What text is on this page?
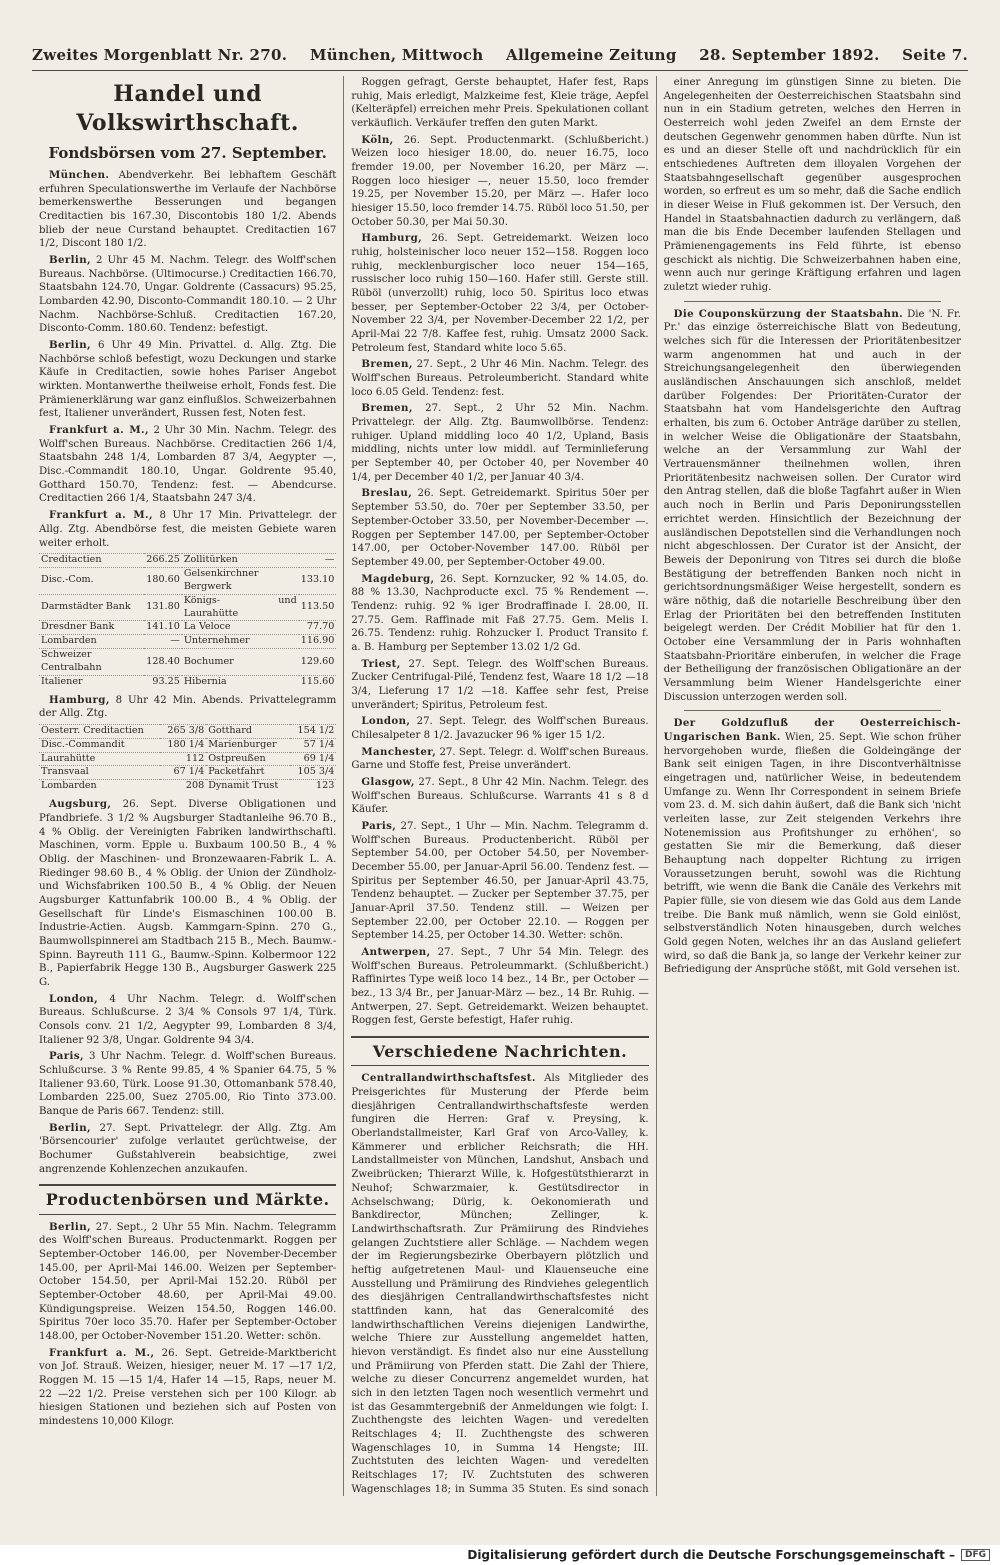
Zweites Morgenblatt Nr. 270. München, Mittwoch Allgemeine Zeitung 28. September 1892. Seite 7.
Handel und Volkswirthschaft.
Fondsbörsen vom 27. September.

München. Abendverkehr. Bei lebhaftem Geschäft erfuhren Speculationswerthe im Verlaufe der Nachbörse bemerkenswerthe Besserungen und begangen Creditactien bis 167.30, Discontobis 180 1/2. Abends blieb der neue Curstand behauptet. Creditactien 167 1/2, Discont 180 1/2.

Berlin, 2 Uhr 45 M. Nachm. Telegr. des Wolff'schen Bureaus. Nachbörse. (Ultimocurse.) Creditactien 166.70, Staatsbahn 124.70, Ungar. Goldrente (Cassacurs) 95.25, Lombarden 42.90, Disconto-Commandit 180.10. — 2 Uhr Nachm. Nachbörse-Schluß. Creditactien 167.20, Disconto-Comm. 180.60. Tendenz: befestigt.

Berlin, 6 Uhr 49 Min. Privattel. d. Allg. Ztg. Die Nachbörse schloß befestigt, wozu Deckungen und starke Käufe in Creditactien, sowie hohes Pariser Angebot wirkten. Montanwerthe theilweise erholt, Fonds fest. Die Prämienerklärung war ganz einflußlos. Schweizerbahnen fest, Italiener unverändert, Russen fest, Noten fest.

Frankfurt a. M., 2 Uhr 30 Min. Nachm. Telegr. des Wolff'schen Bureaus. Nachbörse. Creditactien 266 1/4, Staatsbahn 248 1/4, Lombarden 87 3/4, Aegypter —, Disc.-Commandit 180.10, Ungar. Goldrente 95.40, Gotthard 150.70, Tendenz: fest. — Abendcurse. Creditactien 266 1/4, Staatsbahn 247 3/4.

Frankfurt a. M., 8 Uhr 17 Min. Privattelegr. der Allg. Ztg. Abendbörse fest, die meisten Gebiete waren weiter erholt.

Creditactien	266.25	Zollitürken	—
Disc.-Com.	180.60	Gelsenkirchner Bergwerk	133.10
Darmstädter Bank	131.80	Königs- und Laurahütte	113.50
Dresdner Bank	141.10	La Veloce	77.70
Lombarden	—	Unternehmer	116.90
Schweizer Centralbahn	128.40	Bochumer	129.60
Italiener	93.25	Hibernia	115.60

Hamburg, 8 Uhr 42 Min. Abends. Privattelegramm der Allg. Ztg.

Oesterr. Creditactien	265 3/8	Gotthard	154 1/2
Disc.-Commandit	180 1/4	Marienburger	57 1/4
Laurahütte	112	Ostpreußen	69 1/4
Transvaal	67 1/4	Packetfahrt	105 3/4
Lombarden	208	Dynamit Trust	123

Augsburg, 26. Sept. Diverse Obligationen und Pfandbriefe. 3 1/2 % Augsburger Stadtanleihe 96.70 B., 4 % Oblig. der Vereinigten Fabriken landwirthschaftl. Maschinen, vorm. Epple u. Buxbaum 100.50 B., 4 % Oblig. der Maschinen- und Bronzewaaren-Fabrik L. A. Riedinger 98.60 B., 4 % Oblig. der Union der Zündholz- und Wichsfabriken 100.50 B., 4 % Oblig. der Neuen Augsburger Kattunfabrik 100.00 B., 4 % Oblig. der Gesellschaft für Linde's Eismaschinen 100.00 B. Industrie-Actien. Augsb. Kammgarn-Spinn. 270 G., Baumwollspinnerei am Stadtbach 215 B., Mech. Baumw.-Spinn. Bayreuth 111 G., Baumw.-Spinn. Kolbermoor 122 B., Papierfabrik Hegge 130 B., Augsburger Gaswerk 225 G.

London, 4 Uhr Nachm. Telegr. d. Wolff'schen Bureaus. Schlußcurse. 2 3/4 % Consols 97 1/4, Türk. Consols conv. 21 1/2, Aegypter 99, Lombarden 8 3/4, Italiener 92 3/8, Ungar. Goldrente 94 3/4.

Paris, 3 Uhr Nachm. Telegr. d. Wolff'schen Bureaus. Schlußcurse. 3 % Rente 99.85, 4 % Spanier 64.75, 5 % Italiener 93.60, Türk. Loose 91.30, Ottomanbank 578.40, Lombarden 225.00, Suez 2705.00, Rio Tinto 373.00. Banque de Paris 667. Tendenz: still.

Berlin, 27. Sept. Privattelegr. der Allg. Ztg. Am 'Börsencourier' zufolge verlautet gerüchtweise, der Bochumer Gußstahlverein beabsichtige, zwei angrenzende Kohlenzechen anzukaufen.

Productenbörsen und Märkte.

Berlin, 27. Sept., 2 Uhr 55 Min. Nachm. Telegramm des Wolff'schen Bureaus. Productenmarkt. Roggen per September-October 146.00, per November-December 145.00, per April-Mai 146.00. Weizen per September-October 154.50, per April-Mai 152.20. Rüböl per September-October 48.60, per April-Mai 49.00. Kündigungspreise. Weizen 154.50, Roggen 146.00. Spiritus 70er loco 35.70. Hafer per September-October 148.00, per October-November 151.20. Wetter: schön.

Frankfurt a. M., 26. Sept. Getreide-Marktbericht von Jof. Strauß. Weizen, hiesiger, neuer M. 17 —17 1/2, Roggen M. 15 —15 1/4, Hafer 14 —15, Raps, neuer M. 22 —22 1/2. Preise verstehen sich per 100 Kilogr. ab hiesigen Stationen und beziehen sich auf Posten von mindestens 10,000 Kilogr.

Roggen gefragt, Gerste behauptet, Hafer fest, Raps ruhig, Mais erledigt, Malzkeime fest, Kleie träge, Aepfel (Kelteräpfel) erreichen mehr Preis. Spekulationen collant verkäuflich. Verkäufer treffen den guten Markt.

Köln, 26. Sept. Productenmarkt. (Schlußbericht.) Weizen loco hiesiger 18.00, do. neuer 16.75, loco fremder 19.00, per November 16.20, per März —. Roggen loco hiesiger —, neuer 15.50, loco fremder 19.25, per November 15.20, per März —. Hafer loco hiesiger 15.50, loco fremder 14.75. Rüböl loco 51.50, per October 50.30, per Mai 50.30.

Hamburg, 26. Sept. Getreidemarkt. Weizen loco ruhig, holsteinischer loco neuer 152—158. Roggen loco ruhig, mecklenburgischer loco neuer 154—165, russischer loco ruhig 150—160. Hafer still. Gerste still. Rüböl (unverzollt) ruhig, loco 50. Spiritus loco etwas besser, per September-October 22 3/4, per October-November 22 3/4, per November-December 22 1/2, per April-Mai 22 7/8. Kaffee fest, ruhig. Umsatz 2000 Sack. Petroleum fest, Standard white loco 5.65.

Bremen, 27. Sept., 2 Uhr 46 Min. Nachm. Telegr. des Wolff'schen Bureaus. Petroleumbericht. Standard white loco 6.05 Geld. Tendenz: fest.

Bremen, 27. Sept., 2 Uhr 52 Min. Nachm. Privattelegr. der Allg. Ztg. Baumwollbörse. Tendenz: ruhiger. Upland middling loco 40 1/2, Upland, Basis middling, nichts unter low middl. auf Terminlieferung per September 40, per October 40, per November 40 1/4, per December 40 1/2, per Januar 40 3/4.

Breslau, 26. Sept. Getreidemarkt. Spiritus 50er per September 53.50, do. 70er per September 33.50, per September-October 33.50, per November-December —. Roggen per September 147.00, per September-October 147.00, per October-November 147.00. Rüböl per September 49.00, per September-October 49.00.

Magdeburg, 26. Sept. Kornzucker, 92 % 14.05, do. 88 % 13.30, Nachproducte excl. 75 % Rendement —. Tendenz: ruhig. 92 % iger Brodraffinade I. 28.00, II. 27.75. Gem. Raffinade mit Faß 27.75. Gem. Melis I. 26.75. Tendenz: ruhig. Rohzucker I. Product Transito f. a. B. Hamburg per September 13.02 1/2 Gd.

Triest, 27. Sept. Telegr. des Wolff'schen Bureaus. Zucker Centrifugal-Pilé, Tendenz fest, Waare 18 1/2 —18 3/4, Lieferung 17 1/2 —18. Kaffee sehr fest, Preise unverändert; Spiritus, Petroleum fest.

London, 27. Sept. Telegr. des Wolff'schen Bureaus. Chilesalpeter 8 1/2. Javazucker 96 % iger 15 1/2.

Manchester, 27. Sept. Telegr. d. Wolff'schen Bureaus. Garne und Stoffe fest, Preise unverändert.

Glasgow, 27. Sept., 8 Uhr 42 Min. Nachm. Telegr. des Wolff'schen Bureaus. Schlußcurse. Warrants 41 s 8 d Käufer.

Paris, 27. Sept., 1 Uhr — Min. Nachm. Telegramm d. Wolff'schen Bureaus. Productenbericht. Rüböl per September 54.00, per October 54.50, per November-December 55.00, per Januar-April 56.00. Tendenz fest. — Spiritus per September 46.50, per Januar-April 43.75, Tendenz behauptet. — Zucker per September 37.75, per Januar-April 37.50. Tendenz still. — Weizen per September 22.00, per October 22.10. — Roggen per September 14.25, per October 14.30. Wetter: schön.

Antwerpen, 27. Sept., 7 Uhr 54 Min. Telegr. des Wolff'schen Bureaus. Petroleummarkt. (Schlußbericht.) Raffinirtes Type weiß loco 14 bez., 14 Br., per October — bez., 13 3/4 Br., per Januar-März — bez., 14 Br. Ruhig. — Antwerpen, 27. Sept. Getreidemarkt. Weizen behauptet. Roggen fest, Gerste befestigt, Hafer ruhig.

Verschiedene Nachrichten.

Centrallandwirthschaftsfest. Als Mitglieder des Preisgerichtes für Musterung der Pferde beim diesjährigen Centrallandwirthschaftsfeste werden fungiren die Herren: Graf v. Preysing, k. Oberlandstallmeister, Karl Graf von Arco-Valley, k. Kämmerer und erblicher Reichsrath; die HH. Landstallmeister von München, Landshut, Ansbach und Zweibrücken; Thierarzt Wille, k. Hofgestütsthierarzt in Neuhof; Schwarzmaier, k. Gestütsdirector in Achselschwang; Dürig, k. Oekonomierath und Bankdirector, München; Zellinger, k. Landwirthschaftsrath. Zur Prämiirung des Rindviehes gelangen Zuchtstiere aller Schläge. — Nachdem wegen der im Regierungsbezirke Oberbayern plötzlich und heftig aufgetretenen Maul- und Klauenseuche eine Ausstellung und Prämiirung des Rindviehes gelegentlich des diesjährigen Centrallandwirthschaftsfestes nicht stattfinden kann, hat das Generalcomité des landwirthschaftlichen Vereins diejenigen Landwirthe, welche Thiere zur Ausstellung angemeldet hatten, hievon verständigt. Es findet also nur eine Ausstellung und Prämiirung von Pferden statt. Die Zahl der Thiere, welche zu dieser Concurrenz angemeldet wurden, hat sich in den letzten Tagen noch wesentlich vermehrt und ist das Gesammtergebniß der Anmeldungen wie folgt: I. Zuchthengste des leichten Wagen- und veredelten Reitschlages 4; II. Zuchthengste des schweren Wagenschlages 10, in Summa 14 Hengste; III. Zuchtstuten des leichten Wagen- und veredelten Reitschlages 17; IV. Zuchtstuten des schweren Wagenschlages 18; in Summa 35 Stuten. Es sind sonach

einer Anregung im günstigen Sinne zu bieten. Die Angelegenheiten der Oesterreichischen Staatsbahn sind nun in ein Stadium getreten, welches den Herren in Oesterreich wohl jeden Zweifel an dem Ernste der deutschen Gegenwehr genommen haben dürfte. Nun ist es und an dieser Stelle oft und nachdrücklich für ein entschiedenes Auftreten dem illoyalen Vorgehen der Staatsbahngesellschaft gegenüber ausgesprochen worden, so erfreut es um so mehr, daß die Sache endlich in dieser Weise in Fluß gekommen ist. Der Versuch, den Handel in Staatsbahnactien dadurch zu verlängern, daß man die bis Ende December laufenden Stellagen und Prämienengagements ins Feld führte, ist ebenso geschickt als nichtig. Die Schweizerbahnen haben eine, wenn auch nur geringe Kräftigung erfahren und lagen zuletzt wieder ruhig.

Die Couponskürzung der Staatsbahn. Die 'N. Fr. Pr.' das einzige österreichische Blatt von Bedeutung, welches sich für die Interessen der Prioritätenbesitzer warm angenommen hat und auch in der Streichungsangelegenheit den überwiegenden ausländischen Anschauungen sich anschloß, meldet darüber Folgendes: Der Prioritäten-Curator der Staatsbahn hat vom Handelsgerichte den Auftrag erhalten, bis zum 6. October Anträge darüber zu stellen, in welcher Weise die Obligationäre der Staatsbahn, welche an der Versammlung zur Wahl der Vertrauensmänner theilnehmen wollen, ihren Prioritätenbesitz nachweisen sollen. Der Curator wird den Antrag stellen, daß die bloße Tagfahrt außer in Wien auch noch in Berlin und Paris Deponirungsstellen errichtet werden. Hinsichtlich der Bezeichnung der ausländischen Depotstellen sind die Verhandlungen noch nicht abgeschlossen. Der Curator ist der Ansicht, der Beweis der Deponirung von Titres sei durch die bloße Bestätigung der betreffenden Banken noch nicht in gerichtsordnungsmäßiger Weise hergestellt, sondern es wäre nöthig, daß die notarielle Beschreibung über den Erlag der Prioritäten bei den betreffenden Instituten beigelegt werden. Der Crédit Mobilier hat für den 1. October eine Versammlung der in Paris wohnhaften Staatsbahn-Prioritäre einberufen, in welcher die Frage der Betheiligung der französischen Obligationäre an der Versammlung beim Wiener Handelsgerichte einer Discussion unterzogen werden soll.

Der Goldzufluß der Oesterreichisch-Ungarischen Bank. Wien, 25. Sept. Wie schon früher hervorgehoben wurde, fließen die Goldeingänge der Bank seit einigen Tagen, in ihre Discontverhältnisse eingetragen und, natürlicher Weise, in bedeutendem Umfange zu. Wenn Ihr Correspondent in seinem Briefe vom 23. d. M. sich dahin äußert, daß die Bank sich 'nicht verleiten lasse, zur Zeit steigenden Verkehrs ihre Notenemission aus Profitshunger zu erhöhen', so gestatten Sie mir die Bemerkung, daß dieser Behauptung nach doppelter Richtung zu irrigen Voraussetzungen beruht, sowohl was die Richtung betrifft, wie wenn die Bank die Canäle des Verkehrs mit Papier fülle, sie von diesem wie das Gold aus dem Lande treibe. Die Bank muß nämlich, wenn sie Gold einlöst, selbstverständlich Noten hinausgeben, durch welches Gold gegen Noten, welches ihr an das Ausland geliefert wird, so daß die Bank ja, so lange der Verkehr keiner zur Befriedigung der Ansprüche stößt, mit Gold versehen ist.

Digitalisierung gefördert durch die Deutsche Forschungsgemeinschaft –	DFG
